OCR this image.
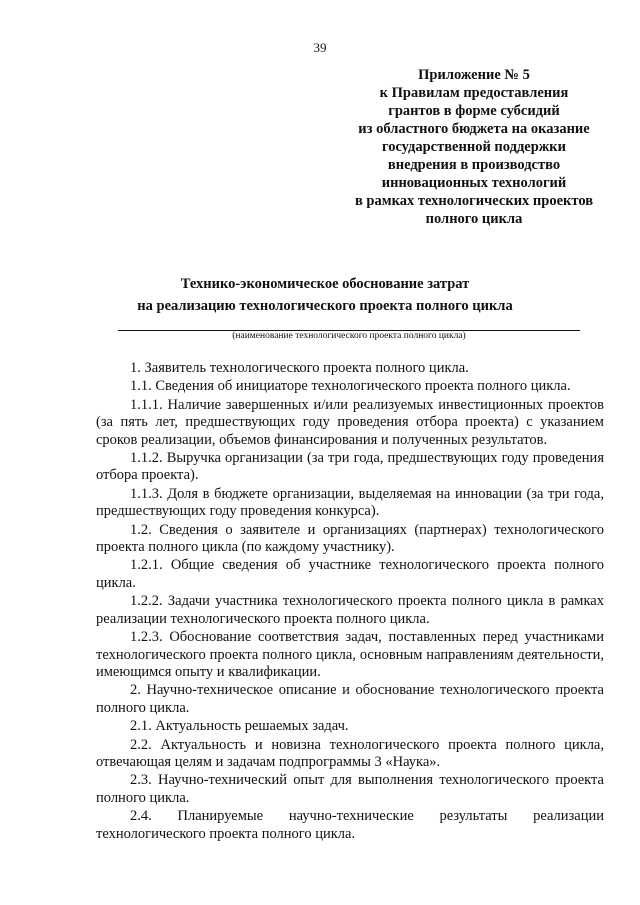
39
Приложение № 5
к Правилам предоставления
грантов в форме субсидий
из областного бюджета на оказание
государственной поддержки
внедрения в производство
инновационных технологий
в рамках технологических проектов
полного цикла
Технико-экономическое обоснование затрат
на реализацию технологического проекта полного цикла
(наименование технологического проекта полного цикла)
1. Заявитель технологического проекта полного цикла.
1.1. Сведения об инициаторе технологического проекта полного цикла.
1.1.1. Наличие завершенных и/или реализуемых инвестиционных проектов (за пять лет, предшествующих году проведения отбора проекта) с указанием сроков реализации, объемов финансирования и полученных результатов.
1.1.2. Выручка организации (за три года, предшествующих году проведения отбора проекта).
1.1.3. Доля в бюджете организации, выделяемая на инновации (за три года, предшествующих году проведения конкурса).
1.2. Сведения о заявителе и организациях (партнерах) технологического проекта полного цикла (по каждому участнику).
1.2.1. Общие сведения об участнике технологического проекта полного цикла.
1.2.2. Задачи участника технологического проекта полного цикла в рамках реализации технологического проекта полного цикла.
1.2.3. Обоснование соответствия задач, поставленных перед участниками технологического проекта полного цикла, основным направлениям деятельности, имеющимся опыту и квалификации.
2. Научно-техническое описание и обоснование технологического проекта полного цикла.
2.1. Актуальность решаемых задач.
2.2. Актуальность и новизна технологического проекта полного цикла, отвечающая целям и задачам подпрограммы 3 «Наука».
2.3. Научно-технический опыт для выполнения технологического проекта полного цикла.
2.4. Планируемые научно-технические результаты реализации технологического проекта полного цикла.
